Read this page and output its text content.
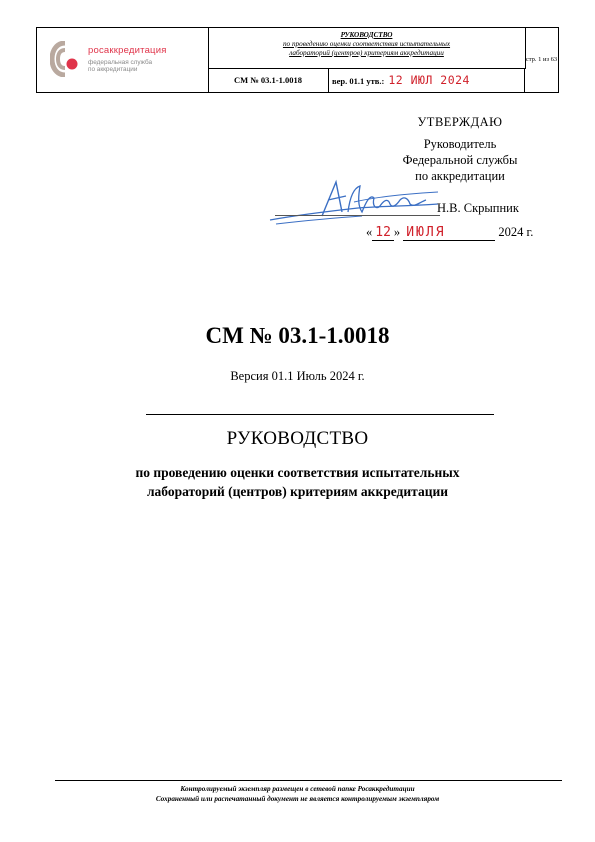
росаккредитация
федеральная служба
по аккредитации
РУКОВОДСТВО
по проведению оценки соответствия испытательных
лабораторий (центров) критериям аккредитации
СМ № 03.1-1.0018	вер. 01.1 утв.: 12 ИЮЛ 2024
стр. 1 из 63
УТВЕРЖДАЮ
Руководитель
Федеральной службы
по аккредитации
Н.В. Скрыпник
« 12 » ИЮЛЯ	2024 г.
СМ № 03.1-1.0018
Версия 01.1 Июль 2024 г.
РУКОВОДСТВО
по проведению оценки соответствия испытательных
лабораторий (центров) критериям аккредитации
Контролируемый экземпляр размещен в сетевой папке Росаккредитации
Сохраненный или распечатанный документ не является контролируемым экземпляром
